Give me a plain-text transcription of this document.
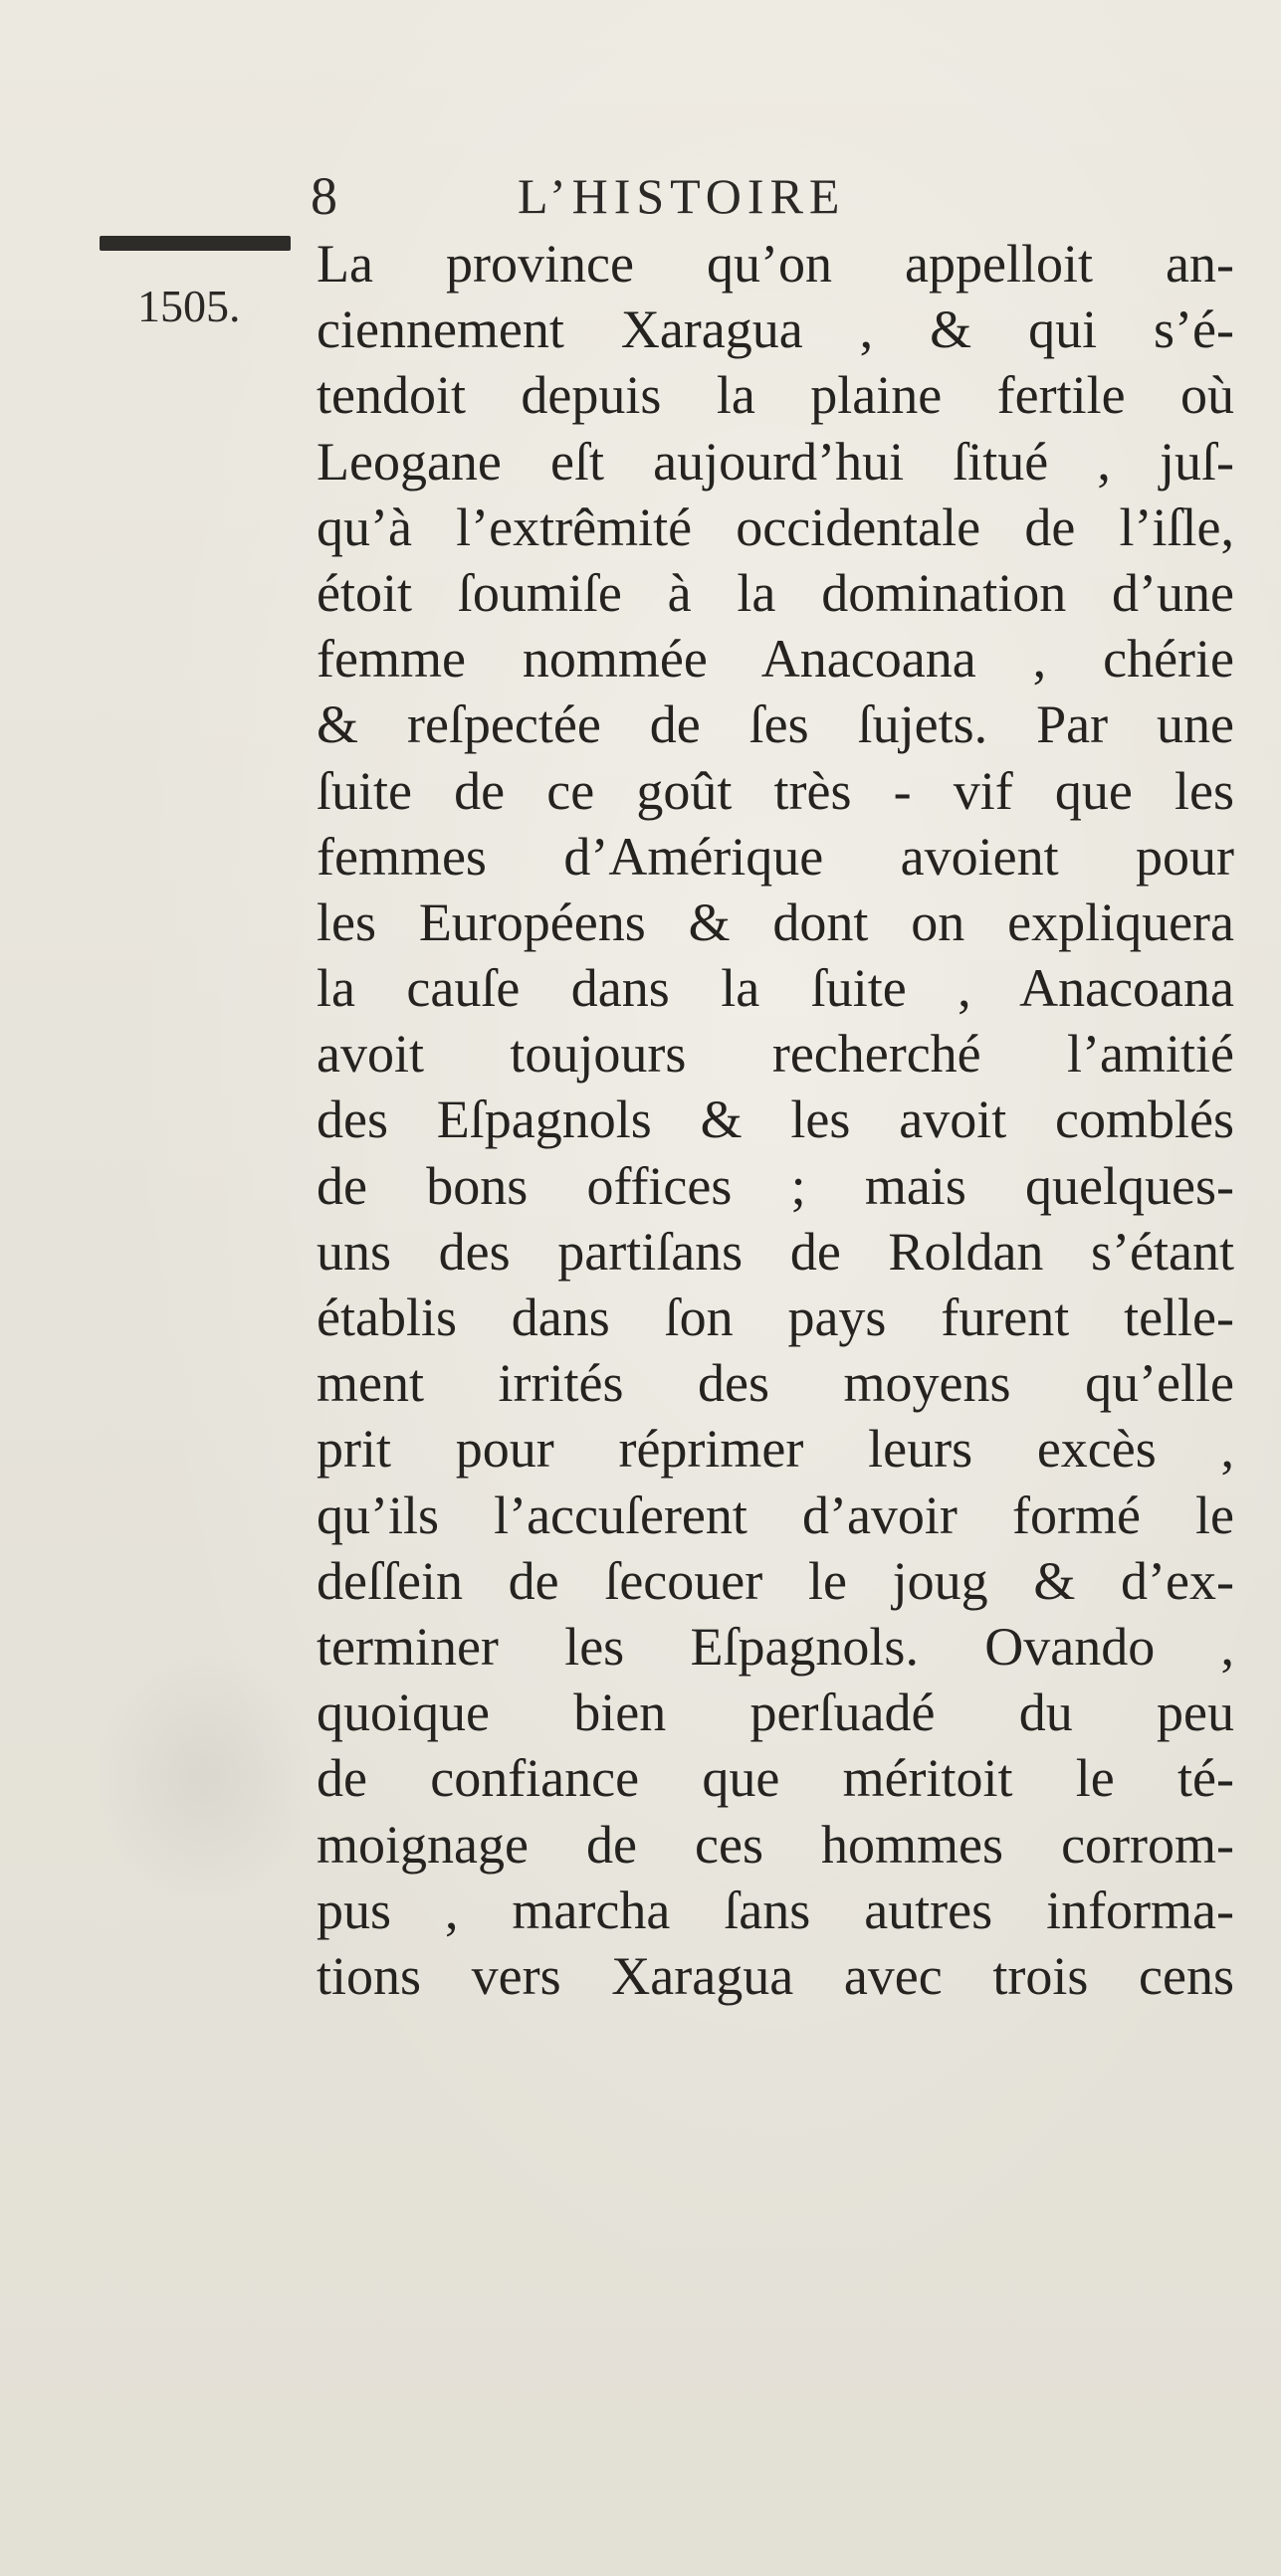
8	L’HISTOIRE
1505.
La province qu’on appelloit an-
ciennement Xaragua , & qui s’é-
tendoit depuis la plaine fertile où
Leogane eſt aujourd’hui ſitué , juſ-
qu’à l’extrêmité occidentale de l’iſle,
étoit ſoumiſe à la domination d’une
femme nommée Anacoana , chérie
& reſpectée de ſes ſujets. Par une
ſuite de ce goût très - vif que les
femmes d’Amérique avoient pour
les Européens & dont on expliquera
la cauſe dans la ſuite , Anacoana
avoit toujours recherché l’amitié
des Eſpagnols & les avoit comblés
de bons offices ; mais quelques-
uns des partiſans de Roldan s’étant
établis dans ſon pays furent telle-
ment irrités des moyens qu’elle
prit pour réprimer leurs excès ,
qu’ils l’accuſerent d’avoir formé le
deſſein de ſecouer le joug & d’ex-
terminer les Eſpagnols. Ovando ,
quoique bien perſuadé du peu
de confiance que méritoit le té-
moignage de ces hommes corrom-
pus , marcha ſans autres informa-
tions vers Xaragua avec trois cens
